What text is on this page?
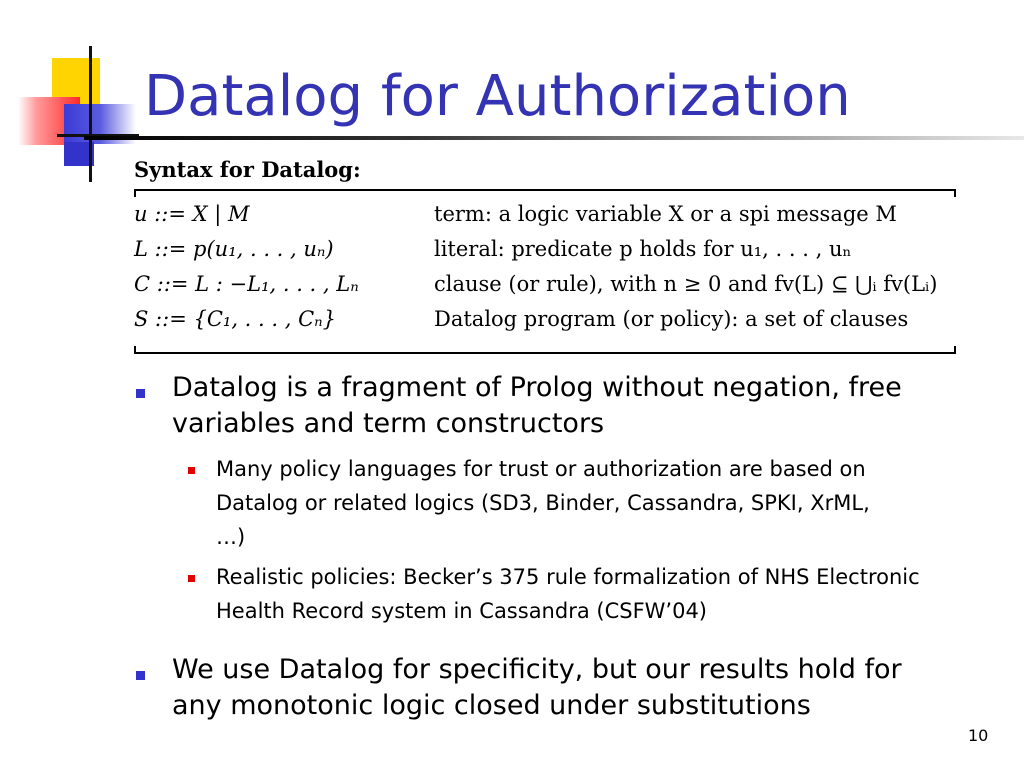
Datalog for Authorization
Syntax for Datalog:
u ::= X | M	term: a logic variable X or a spi message M
L ::= p(u₁, . . . , uₙ)	literal: predicate p holds for u₁, . . . , uₙ
C ::= L : −L₁, . . . , Lₙ	clause (or rule), with n ≥ 0 and fv(L) ⊆ ⋃ᵢ fv(Lᵢ)
S ::= {C₁, . . . , Cₙ}	Datalog program (or policy): a set of clauses
Datalog is a fragment of Prolog without negation, free variables and term constructors
Many policy languages for trust or authorization are based on Datalog or related logics (SD3, Binder, Cassandra, SPKI, XrML, …)
Realistic policies: Becker’s 375 rule formalization of NHS Electronic Health Record system in Cassandra (CSFW’04)
We use Datalog for specificity, but our results hold for any monotonic logic closed under substitutions
10
